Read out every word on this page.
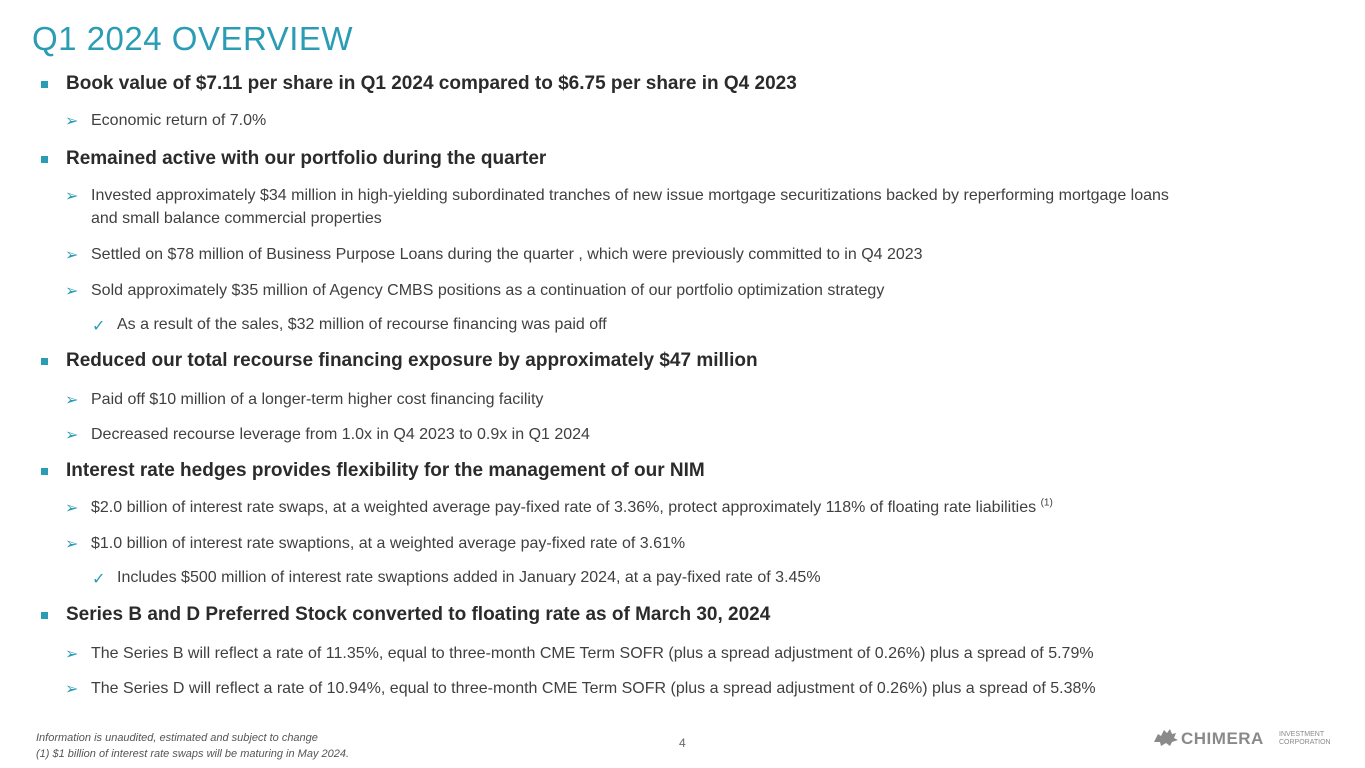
Q1 2024 OVERVIEW
Book value of $7.11 per share in Q1 2024 compared to $6.75 per share in Q4 2023
➢ Economic return of 7.0%
Remained active with our portfolio during the quarter
➢ Invested approximately $34 million in high-yielding subordinated tranches of new issue mortgage securitizations backed by reperforming mortgage loans
and small balance commercial properties
➢ Settled on $78 million of Business Purpose Loans during the quarter , which were previously committed to in Q4 2023
➢ Sold approximately $35 million of Agency CMBS positions as a continuation of our portfolio optimization strategy
✓ As a result of the sales, $32 million of recourse financing was paid off
Reduced our total recourse financing exposure by approximately $47 million
➢ Paid off $10 million of a longer-term higher cost financing facility
➢ Decreased recourse leverage from 1.0x in Q4 2023 to 0.9x in Q1 2024
Interest rate hedges provides flexibility for the management of our NIM
➢ $2.0 billion of interest rate swaps, at a weighted average pay-fixed rate of 3.36%, protect approximately 118% of floating rate liabilities $^{(1)}$
➢ $1.0 billion of interest rate swaptions, at a weighted average pay-fixed rate of 3.61%
✓ Includes $500 million of interest rate swaptions added in January 2024, at a pay-fixed rate of 3.45%
Series B and D Preferred Stock converted to floating rate as of March 30, 2024
➢ The Series B will reflect a rate of 11.35%, equal to three-month CME Term SOFR (plus a spread adjustment of 0.26%) plus a spread of 5.79%
➢ The Series D will reflect a rate of 10.94%, equal to three-month CME Term SOFR (plus a spread adjustment of 0.26%) plus a spread of 5.38%
Information is unaudited, estimated and subject to change
(1) $1 billion of interest rate swaps will be maturing in May 2024.
4	CHIMERA INVESTMENT
CORPORATION
